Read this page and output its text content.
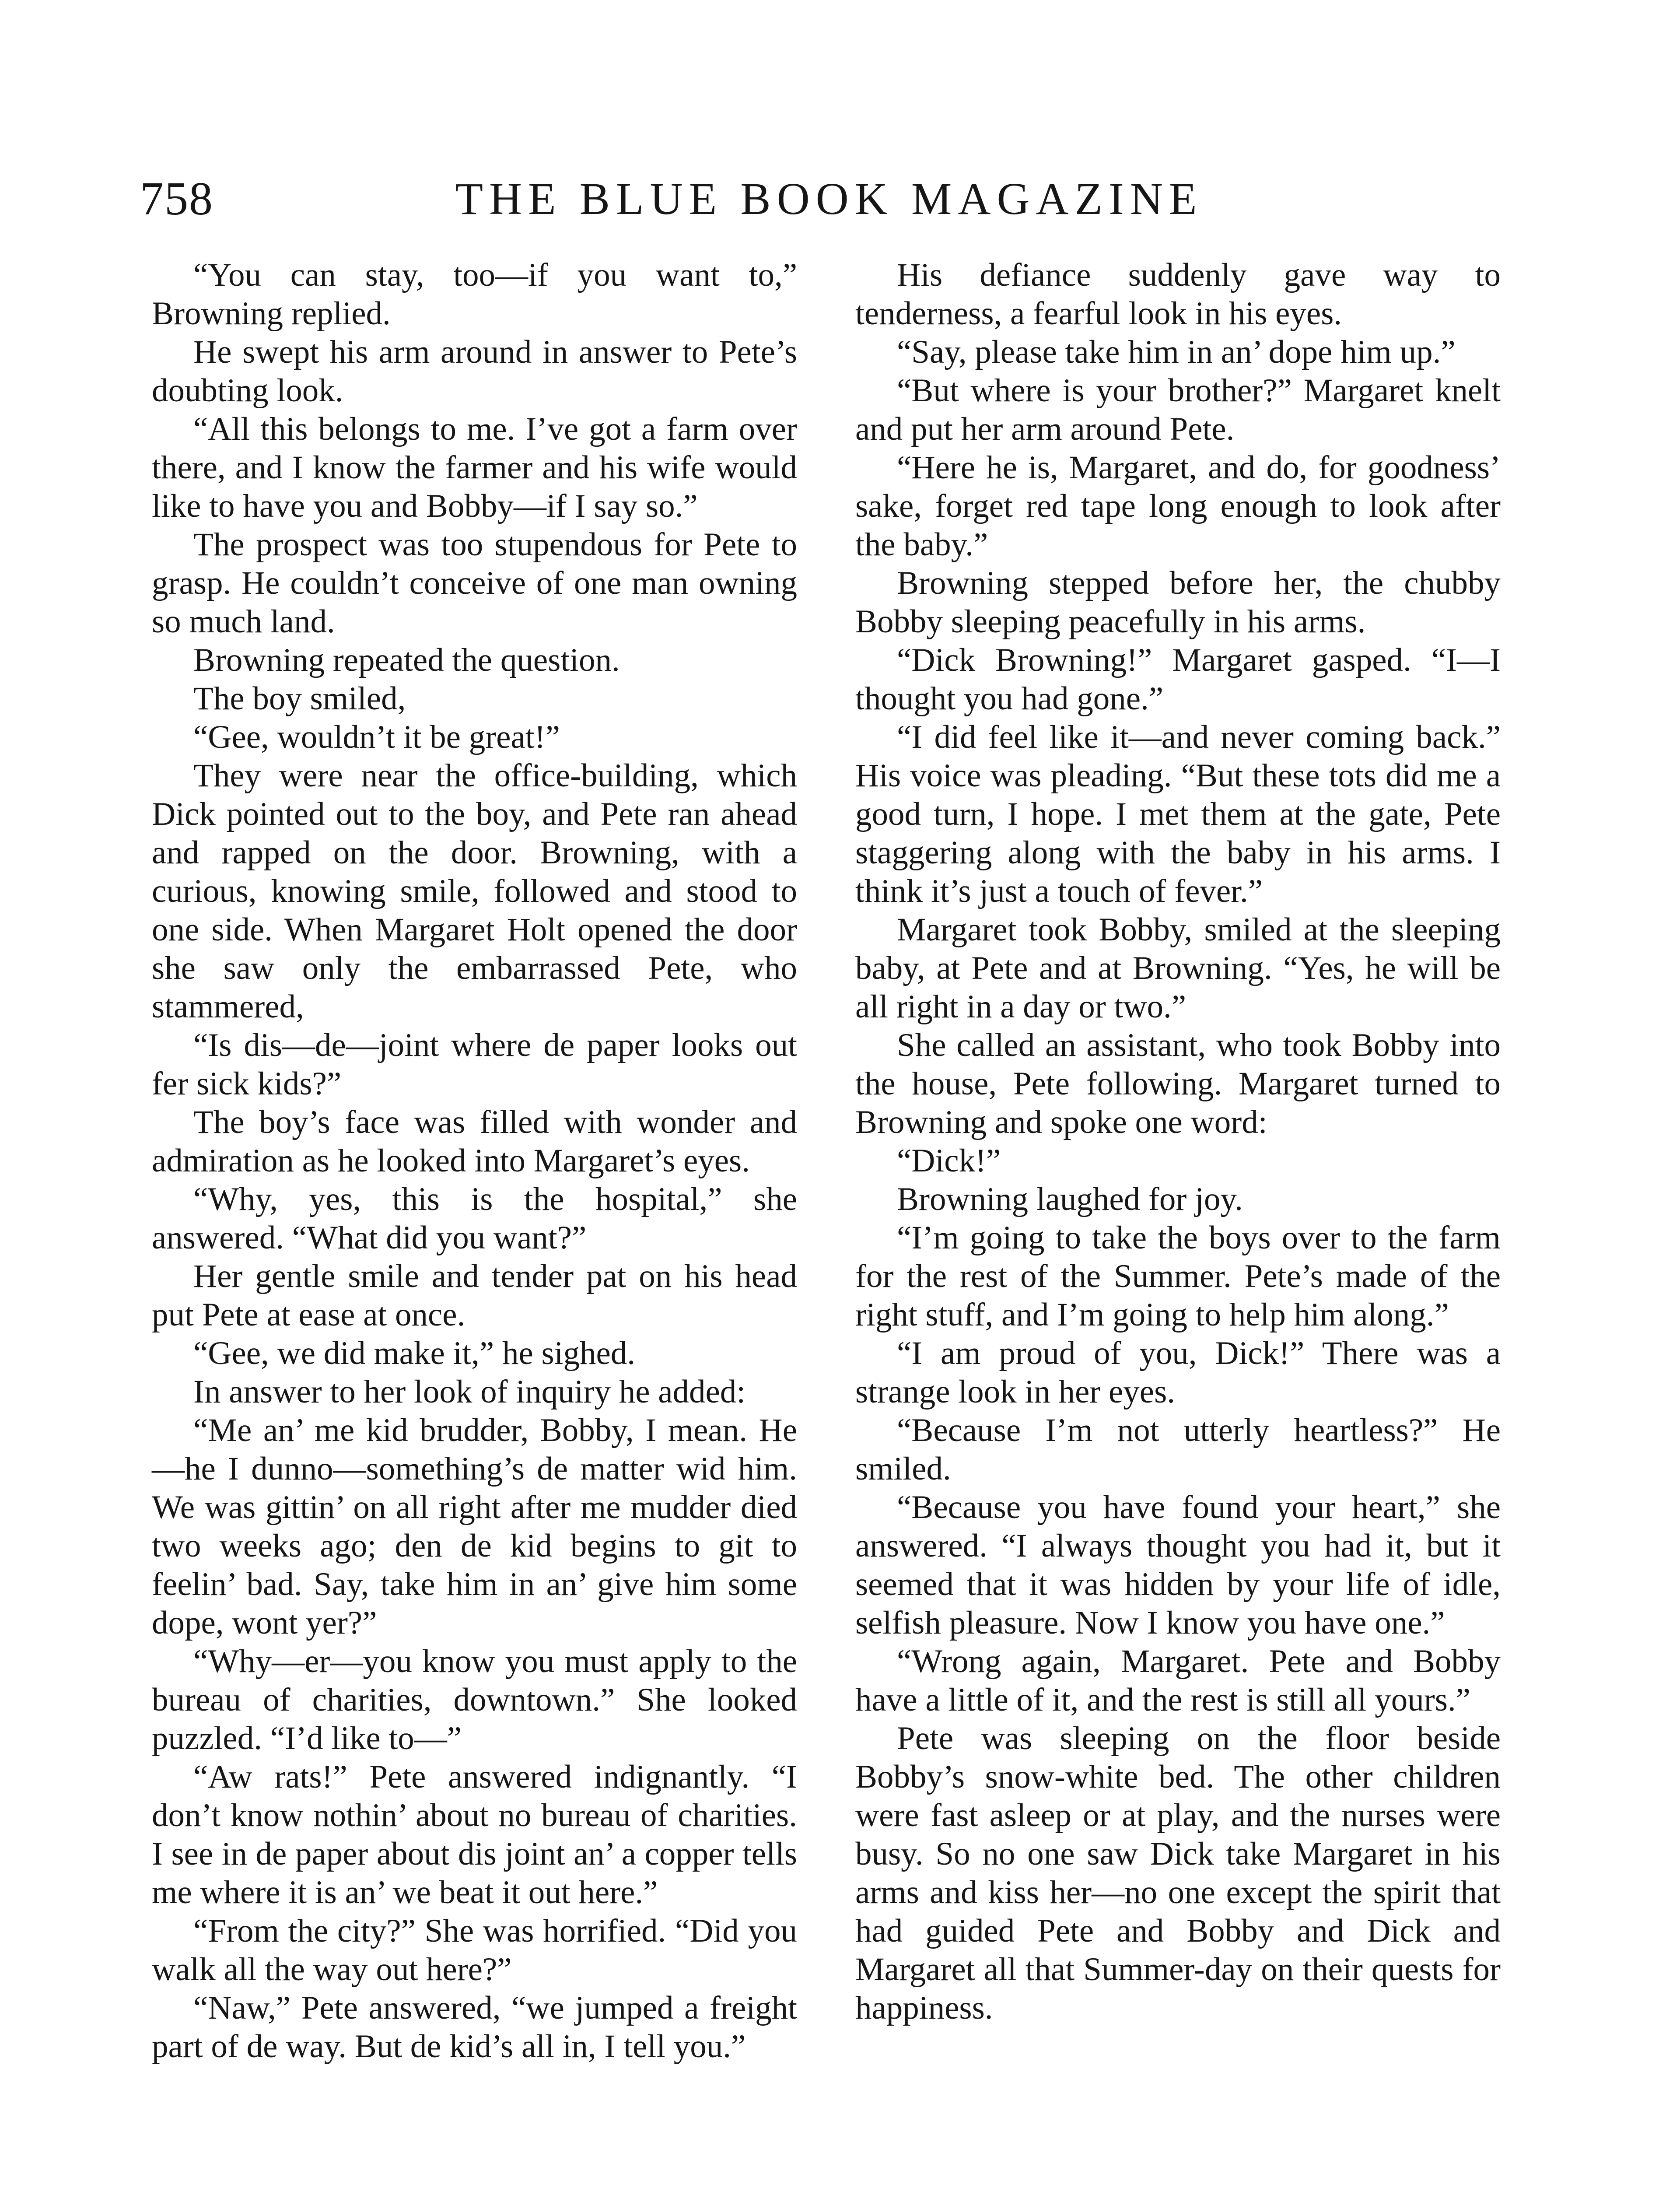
758	THE BLUE BOOK MAGAZINE

“You can stay, too—if you want to,” Browning replied.

He swept his arm around in answer to Pete’s doubting look.

“All this belongs to me. I’ve got a farm over there, and I know the farmer and his wife would like to have you and Bobby—if I say so.”

The prospect was too stupendous for Pete to grasp. He couldn’t conceive of one man owning so much land.

Browning repeated the question.

The boy smiled,

“Gee, wouldn’t it be great!”

They were near the office-building, which Dick pointed out to the boy, and Pete ran ahead and rapped on the door. Browning, with a curious, knowing smile, followed and stood to one side. When Margaret Holt opened the door she saw only the embarrassed Pete, who stammered,

“Is dis—de—joint where de paper looks out fer sick kids?”

The boy’s face was filled with wonder and admiration as he looked into Margaret’s eyes.

“Why, yes, this is the hospital,” she answered. “What did you want?”

Her gentle smile and tender pat on his head put Pete at ease at once.

“Gee, we did make it,” he sighed.

In answer to her look of inquiry he added:

“Me an’ me kid brudder, Bobby, I mean. He—he I dunno—something’s de matter wid him. We was gittin’ on all right after me mudder died two weeks ago; den de kid begins to git to feelin’ bad. Say, take him in an’ give him some dope, wont yer?”

“Why—er—you know you must apply to the bureau of charities, downtown.” She looked puzzled. “I’d like to—”

“Aw rats!” Pete answered indignantly. “I don’t know nothin’ about no bureau of charities. I see in de paper about dis joint an’ a copper tells me where it is an’ we beat it out here.”

“From the city?” She was horrified. “Did you walk all the way out here?”

“Naw,” Pete answered, “we jumped a freight part of de way. But de kid’s all in, I tell you.”

His defiance suddenly gave way to tenderness, a fearful look in his eyes.

“Say, please take him in an’ dope him up.”

“But where is your brother?” Margaret knelt and put her arm around Pete.

“Here he is, Margaret, and do, for goodness’ sake, forget red tape long enough to look after the baby.”

Browning stepped before her, the chubby Bobby sleeping peacefully in his arms.

“Dick Browning!” Margaret gasped. “I—I thought you had gone.”

“I did feel like it—and never coming back.” His voice was pleading. “But these tots did me a good turn, I hope. I met them at the gate, Pete staggering along with the baby in his arms. I think it’s just a touch of fever.”

Margaret took Bobby, smiled at the sleeping baby, at Pete and at Browning. “Yes, he will be all right in a day or two.”

She called an assistant, who took Bobby into the house, Pete following. Margaret turned to Browning and spoke one word:

“Dick!”

Browning laughed for joy.

“I’m going to take the boys over to the farm for the rest of the Summer. Pete’s made of the right stuff, and I’m going to help him along.”

“I am proud of you, Dick!” There was a strange look in her eyes.

“Because I’m not utterly heartless?” He smiled.

“Because you have found your heart,” she answered. “I always thought you had it, but it seemed that it was hidden by your life of idle, selfish pleasure. Now I know you have one.”

“Wrong again, Margaret. Pete and Bobby have a little of it, and the rest is still all yours.”

Pete was sleeping on the floor beside Bobby’s snow-white bed. The other children were fast asleep or at play, and the nurses were busy. So no one saw Dick take Margaret in his arms and kiss her—no one except the spirit that had guided Pete and Bobby and Dick and Margaret all that Summer-day on their quests for happiness.
